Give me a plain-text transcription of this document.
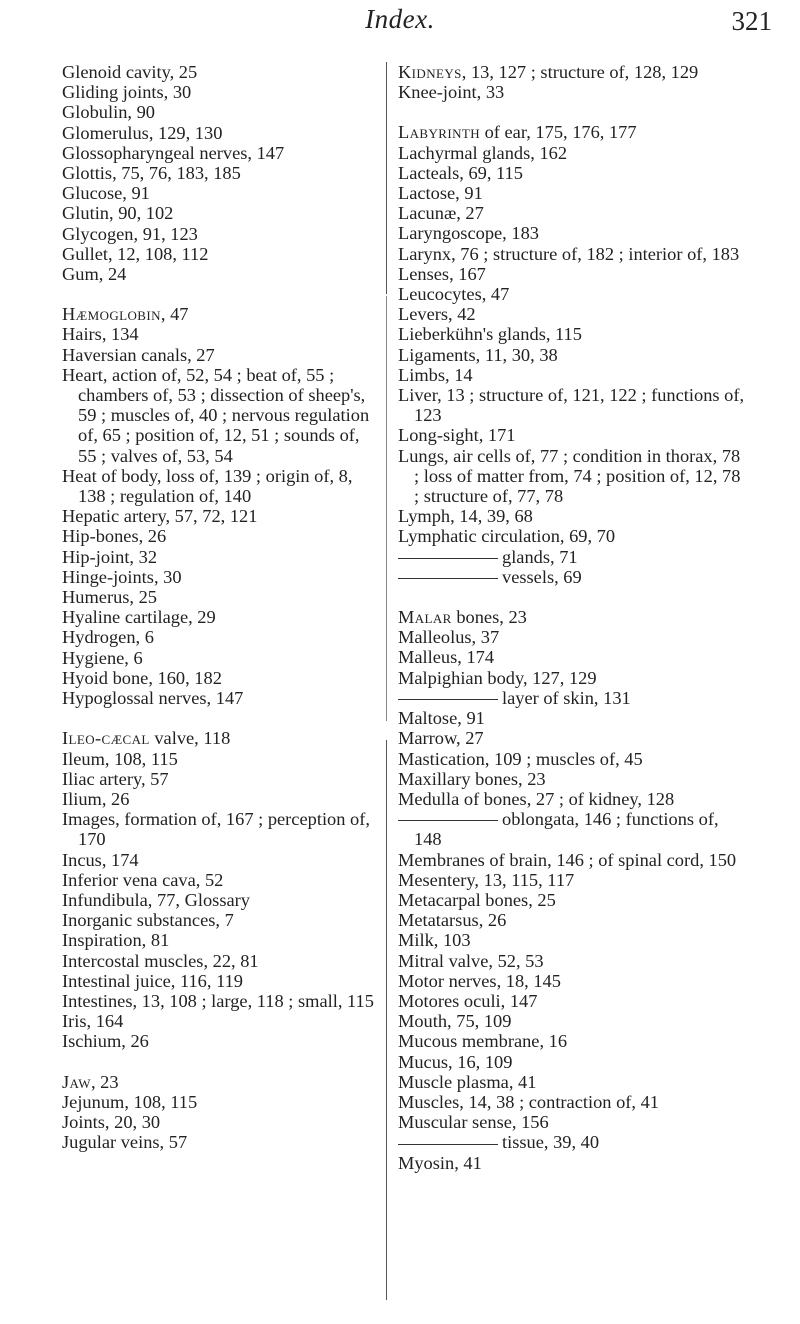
Index.	321

Glenoid cavity, 25

Gliding joints, 30

Globulin, 90

Glomerulus, 129, 130

Glossopharyngeal nerves, 147

Glottis, 75, 76, 183, 185

Glucose, 91

Glutin, 90, 102

Glycogen, 91, 123

Gullet, 12, 108, 112

Gum, 24

Hæmoglobin, 47

Hairs, 134

Haversian canals, 27

Heart, action of, 52, 54 ; beat of, 55 ; chambers of, 53 ; dissection of sheep's, 59 ; muscles of, 40 ; nervous regulation of, 65 ; position of, 12, 51 ; sounds of, 55 ; valves of, 53, 54

Heat of body, loss of, 139 ; origin of, 8, 138 ; regulation of, 140

Hepatic artery, 57, 72, 121

Hip-bones, 26

Hip-joint, 32

Hinge-joints, 30

Humerus, 25

Hyaline cartilage, 29

Hydrogen, 6

Hygiene, 6

Hyoid bone, 160, 182

Hypoglossal nerves, 147

Ileo-cæcal valve, 118

Ileum, 108, 115

Iliac artery, 57

Ilium, 26

Images, formation of, 167 ; perception of, 170

Incus, 174

Inferior vena cava, 52

Infundibula, 77, Glossary

Inorganic substances, 7

Inspiration, 81

Intercostal muscles, 22, 81

Intestinal juice, 116, 119

Intestines, 13, 108 ; large, 118 ; small, 115

Iris, 164

Ischium, 26

Jaw, 23

Jejunum, 108, 115

Joints, 20, 30

Jugular veins, 57

Kidneys, 13, 127 ; structure of, 128, 129

Knee-joint, 33

Labyrinth of ear, 175, 176, 177

Lachyrmal glands, 162

Lacteals, 69, 115

Lactose, 91

Lacunæ, 27

Laryngoscope, 183

Larynx, 76 ; structure of, 182 ; interior of, 183

Lenses, 167

Leucocytes, 47

Levers, 42

Lieberkühn's glands, 115

Ligaments, 11, 30, 38

Limbs, 14

Liver, 13 ; structure of, 121, 122 ; functions of, 123

Long-sight, 171

Lungs, air cells of, 77 ; condition in thorax, 78 ; loss of matter from, 74 ; position of, 12, 78 ; structure of, 77, 78

Lymph, 14, 39, 68

Lymphatic circulation, 69, 70

glands, 71

vessels, 69

Malar bones, 23

Malleolus, 37

Malleus, 174

Malpighian body, 127, 129

layer of skin, 131

Maltose, 91

Marrow, 27

Mastication, 109 ; muscles of, 45

Maxillary bones, 23

Medulla of bones, 27 ; of kidney, 128

oblongata, 146 ; functions of, 148

Membranes of brain, 146 ; of spinal cord, 150

Mesentery, 13, 115, 117

Metacarpal bones, 25

Metatarsus, 26

Milk, 103

Mitral valve, 52, 53

Motor nerves, 18, 145

Motores oculi, 147

Mouth, 75, 109

Mucous membrane, 16

Mucus, 16, 109

Muscle plasma, 41

Muscles, 14, 38 ; contraction of, 41

Muscular sense, 156

tissue, 39, 40

Myosin, 41
